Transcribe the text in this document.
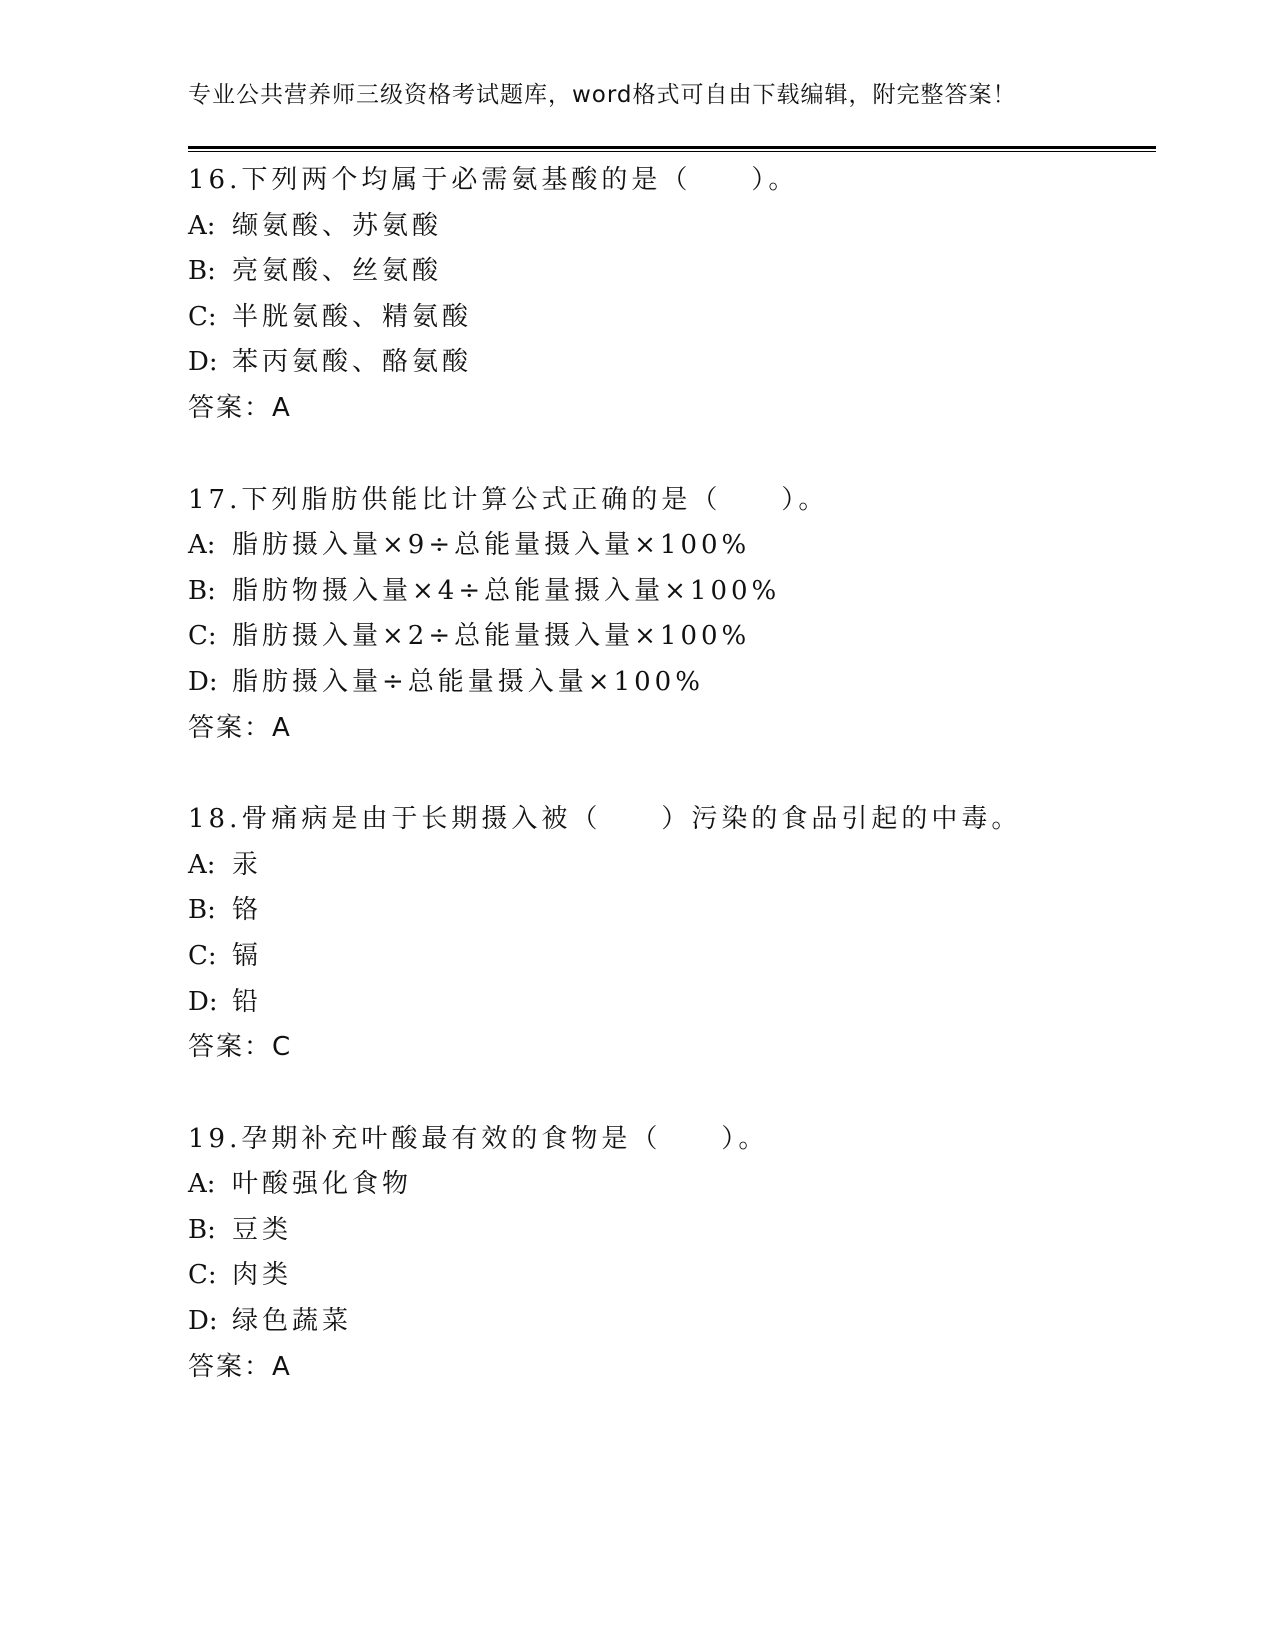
专业公共营养师三级资格考试题库，word格式可自由下载编辑，附完整答案！
16.下列两个均属于必需氨基酸的是（　　）。
A: 缬氨酸、苏氨酸
B: 亮氨酸、丝氨酸
C: 半胱氨酸、精氨酸
D: 苯丙氨酸、酪氨酸
答案：A
17.下列脂肪供能比计算公式正确的是（　　）。
A: 脂肪摄入量×9÷总能量摄入量×100%
B: 脂肪物摄入量×4÷总能量摄入量×100%
C: 脂肪摄入量×2÷总能量摄入量×100%
D: 脂肪摄入量÷总能量摄入量×100%
答案：A
18.骨痛病是由于长期摄入被（　　）污染的食品引起的中毒。
A: 汞
B: 铬
C: 镉
D: 铅
答案：C
19.孕期补充叶酸最有效的食物是（　　）。
A: 叶酸强化食物
B: 豆类
C: 肉类
D: 绿色蔬菜
答案：A
